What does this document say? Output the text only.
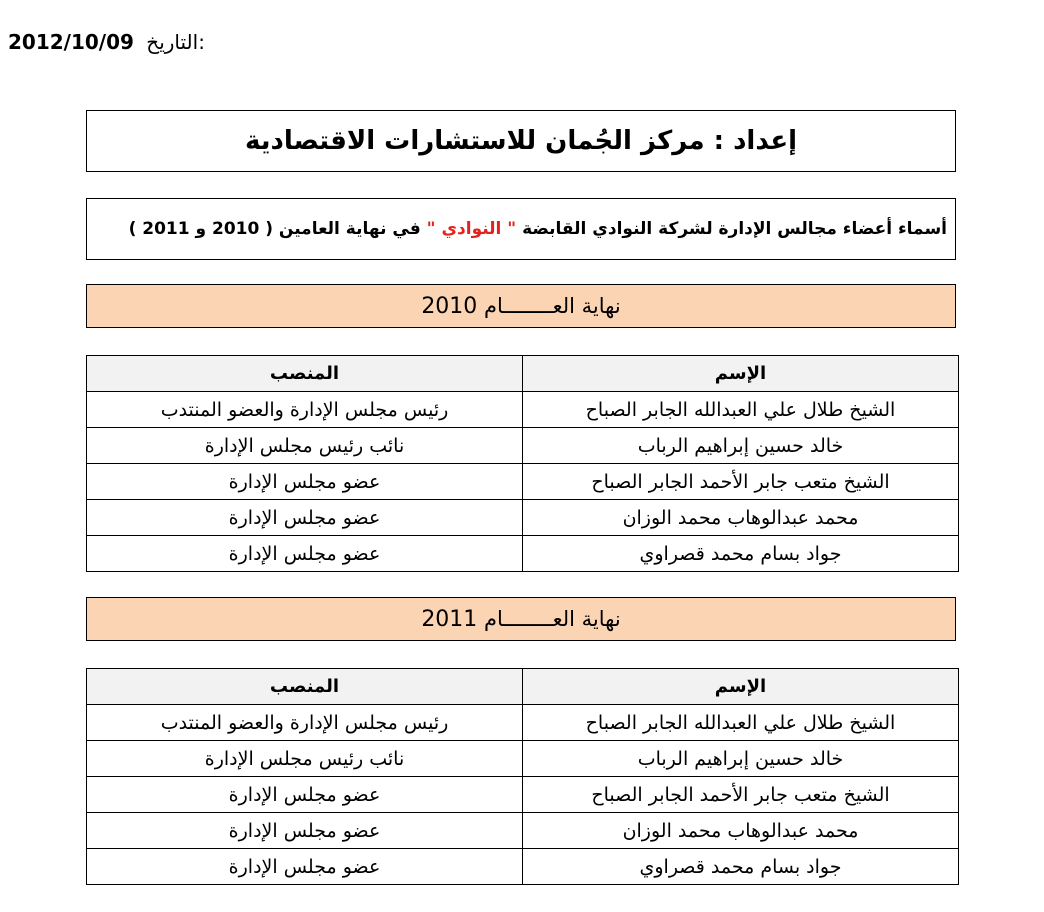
2012/10/09 التاريخ:
إعداد : مركز الجُمان للاستشارات الاقتصادية
أسماء أعضاء مجالس الإدارة لشركة النوادي القابضة " النوادي " في نهاية العامين ( 2010 و 2011 )
نهاية العــــــــام 2010
الإسم	المنصب
الشيخ طلال علي العبدالله الجابر الصباح	رئيس مجلس الإدارة والعضو المنتدب
خالد حسين إبراهيم الرباب	نائب رئيس مجلس الإدارة
الشيخ متعب جابر الأحمد الجابر الصباح	عضو مجلس الإدارة
محمد عبدالوهاب محمد الوزان	عضو مجلس الإدارة
جواد بسام محمد قصراوي	عضو مجلس الإدارة
نهاية العــــــــام 2011
الإسم	المنصب
الشيخ طلال علي العبدالله الجابر الصباح	رئيس مجلس الإدارة والعضو المنتدب
خالد حسين إبراهيم الرباب	نائب رئيس مجلس الإدارة
الشيخ متعب جابر الأحمد الجابر الصباح	عضو مجلس الإدارة
محمد عبدالوهاب محمد الوزان	عضو مجلس الإدارة
جواد بسام محمد قصراوي	عضو مجلس الإدارة
